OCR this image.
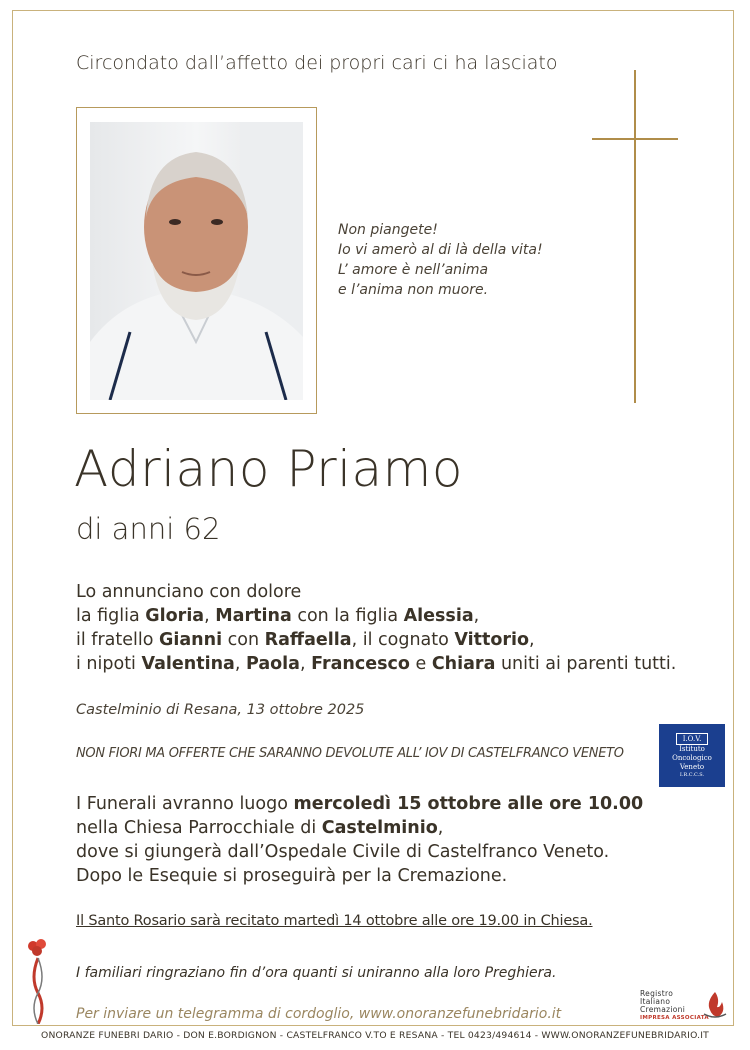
Circondato dall’affetto dei propri cari ci ha lasciato
Non piangete!
Io vi amerò al di là della vita!
L’ amore è nell’anima
e l’anima non muore.
Adriano Priamo
di anni 62
Lo annunciano con dolore
la figlia Gloria, Martina con la figlia Alessia,
il fratello Gianni con Raffaella, il cognato Vittorio,
i nipoti Valentina, Paola, Francesco e Chiara uniti ai parenti tutti.
Castelminio di Resana, 13 ottobre 2025
NON FIORI MA OFFERTE CHE SARANNO DEVOLUTE ALL’ IOV DI CASTELFRANCO VENETO
I.O.V.
Istituto
Oncologico
Veneto
I.R.C.C.S.
I Funerali avranno luogo mercoledì 15 ottobre alle ore 10.00
nella Chiesa Parrocchiale di Castelminio,
dove si giungerà dall’Ospedale Civile di Castelfranco Veneto.
Dopo le Esequie si proseguirà per la Cremazione.
Il Santo Rosario sarà recitato martedì 14 ottobre alle ore 19.00 in Chiesa.
I familiari ringraziano fin d’ora quanti si uniranno alla loro Preghiera.
Per inviare un telegramma di cordoglio, www.onoranzefunebridario.it
Registro
Italiano
Cremazioni
IMPRESA ASSOCIATA
ONORANZE FUNEBRI DARIO - DON E.BORDIGNON - CASTELFRANCO V.TO E RESANA - TEL 0423/494614 - WWW.ONORANZEFUNEBRIDARIO.IT
